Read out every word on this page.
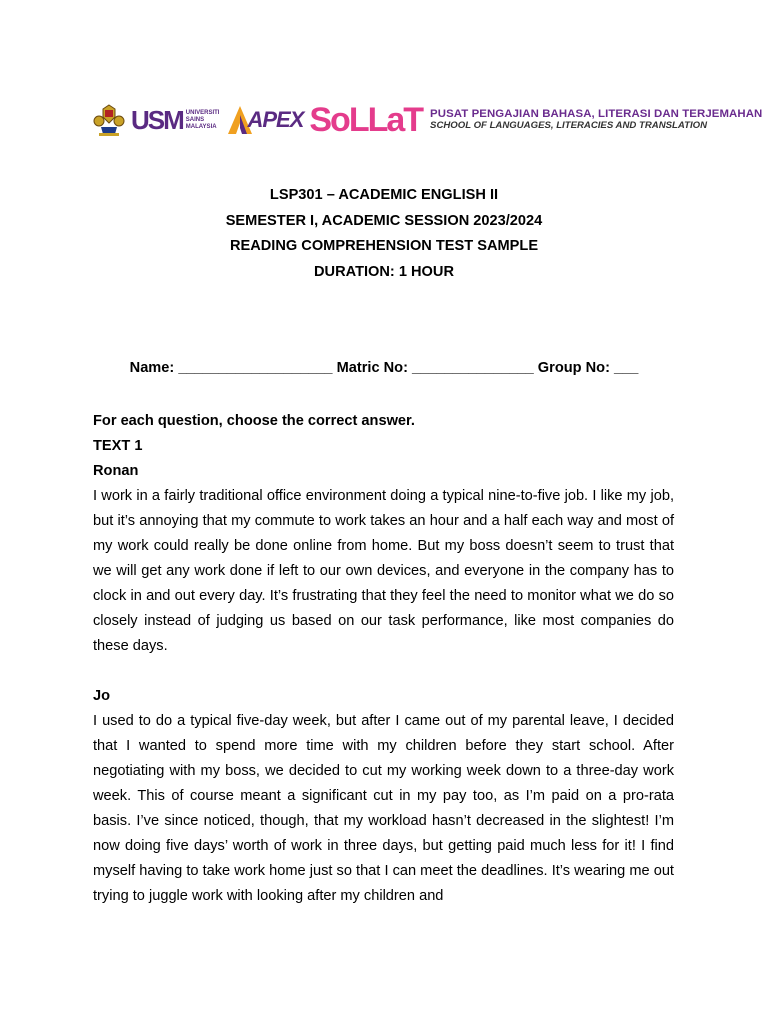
USM UNIVERSITI
SAINS
MALAYSIA APEX SoLLaT PUSAT PENGAJIAN BAHASA, LITERASI DAN TERJEMAHAN
SCHOOL OF LANGUAGES, LITERACIES AND TRANSLATION
LSP301 – ACADEMIC ENGLISH II
SEMESTER I, ACADEMIC SESSION 2023/2024
READING COMPREHENSION TEST SAMPLE
DURATION: 1 HOUR
Name: ___________________ Matric No: _______________ Group No: ___

For each question, choose the correct answer.

TEXT 1

Ronan

I work in a fairly traditional office environment doing a typical nine-to-five job. I like my job, but it’s annoying that my commute to work takes an hour and a half each way and most of my work could really be done online from home. But my boss doesn’t seem to trust that we will get any work done if left to our own devices, and everyone in the company has to clock in and out every day. It’s frustrating that they feel the need to monitor what we do so closely instead of judging us based on our task performance, like most companies do these days.

Jo

I used to do a typical five-day week, but after I came out of my parental leave, I decided that I wanted to spend more time with my children before they start school. After negotiating with my boss, we decided to cut my working week down to a three-day work week. This of course meant a significant cut in my pay too, as I’m paid on a pro-rata basis. I’ve since noticed, though, that my workload hasn’t decreased in the slightest! I’m now doing five days’ worth of work in three days, but getting paid much less for it! I find myself having to take work home just so that I can meet the deadlines. It’s wearing me out trying to juggle work with looking after my children and
